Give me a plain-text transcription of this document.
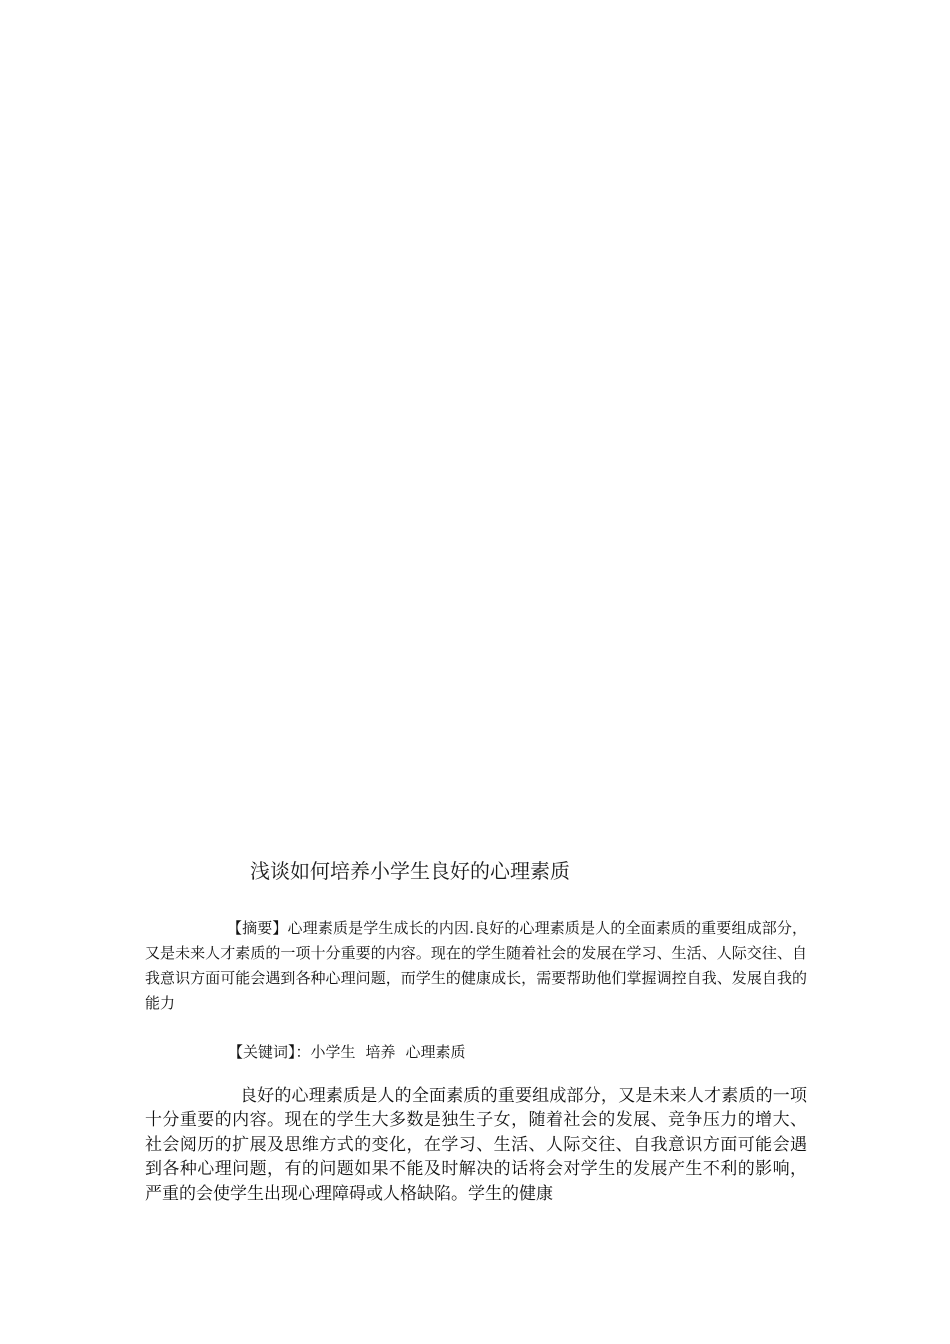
浅谈如何培养小学生良好的心理素质

【摘要】心理素质是学生成长的内因.良好的心理素质是人的全面素质的重要组成部分，又是未来人才素质的一项十分重要的内容。现在的学生随着社会的发展在学习、生活、人际交往、自我意识方面可能会遇到各种心理问题，而学生的健康成长，需要帮助他们掌握调控自我、发展自我的能力

【关键词】：小学生 培养 心理素质

良好的心理素质是人的全面素质的重要组成部分，又是未来人才素质的一项十分重要的内容。现在的学生大多数是独生子女，随着社会的发展、竞争压力的增大、社会阅历的扩展及思维方式的变化，在学习、生活、人际交往、自我意识方面可能会遇到各种心理问题，有的问题如果不能及时解决的话将会对学生的发展产生不利的影响，严重的会使学生出现心理障碍或人格缺陷。学生的健康
